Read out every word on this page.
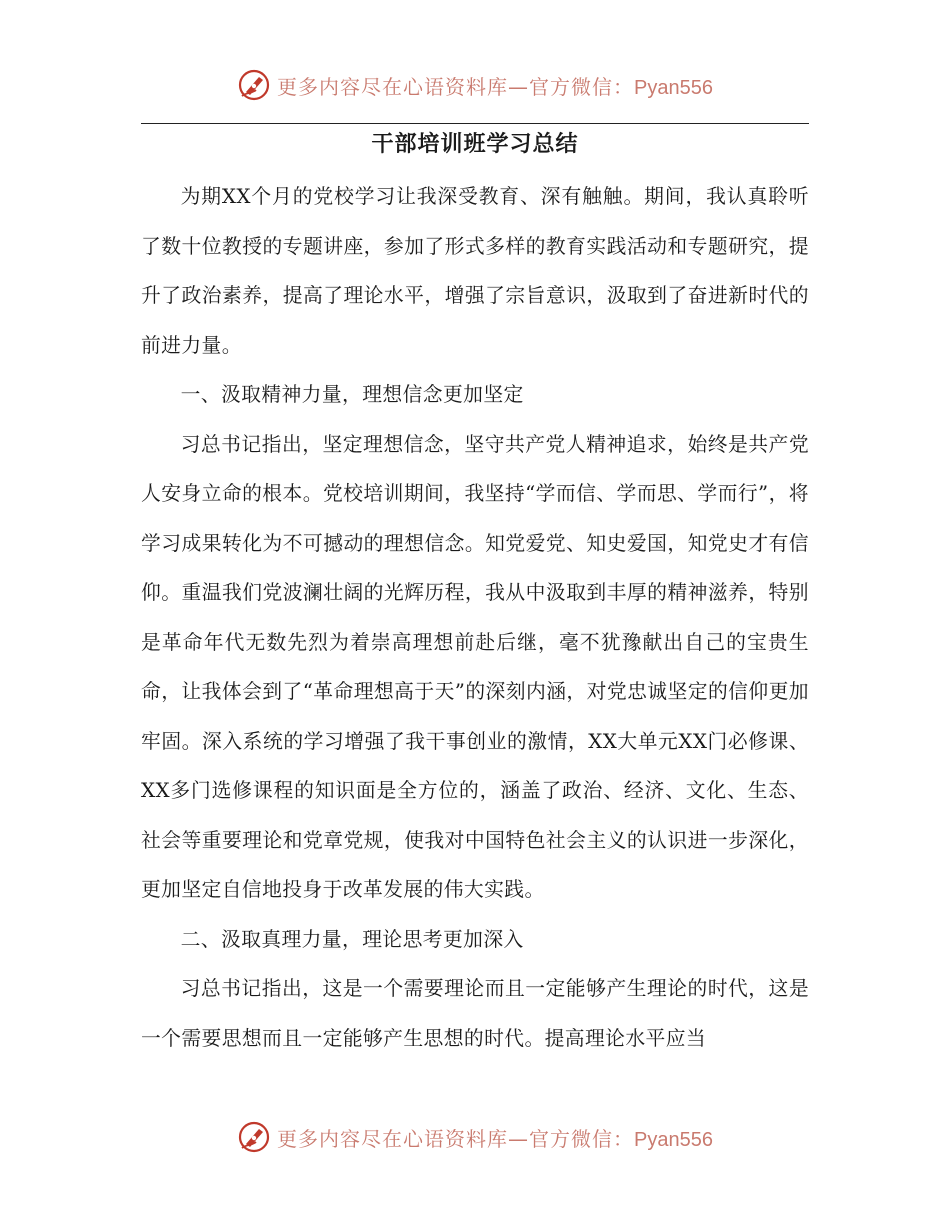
更多内容尽在心语资料库—官方微信：Pyan556
干部培训班学习总结

为期XX个月的党校学习让我深受教育、深有触触。期间，我认真聆听了数十位教授的专题讲座，参加了形式多样的教育实践活动和专题研究，提升了政治素养，提高了理论水平，增强了宗旨意识，汲取到了奋进新时代的前进力量。

一、汲取精神力量，理想信念更加坚定

习总书记指出，坚定理想信念，坚守共产党人精神追求，始终是共产党人安身立命的根本。党校培训期间，我坚持“学而信、学而思、学而行”，将学习成果转化为不可撼动的理想信念。知党爱党、知史爱国，知党史才有信仰。重温我们党波澜壮阔的光辉历程，我从中汲取到丰厚的精神滋养，特别是革命年代无数先烈为着崇高理想前赴后继，毫不犹豫献出自己的宝贵生命，让我体会到了“革命理想高于天”的深刻内涵，对党忠诚坚定的信仰更加牢固。深入系统的学习增强了我干事创业的激情，XX大单元XX门必修课、XX多门选修课程的知识面是全方位的，涵盖了政治、经济、文化、生态、社会等重要理论和党章党规，使我对中国特色社会主义的认识进一步深化，更加坚定自信地投身于改革发展的伟大实践。

二、汲取真理力量，理论思考更加深入

习总书记指出，这是一个需要理论而且一定能够产生理论的时代，这是一个需要思想而且一定能够产生思想的时代。提高理论水平应当

更多内容尽在心语资料库—官方微信：Pyan556
